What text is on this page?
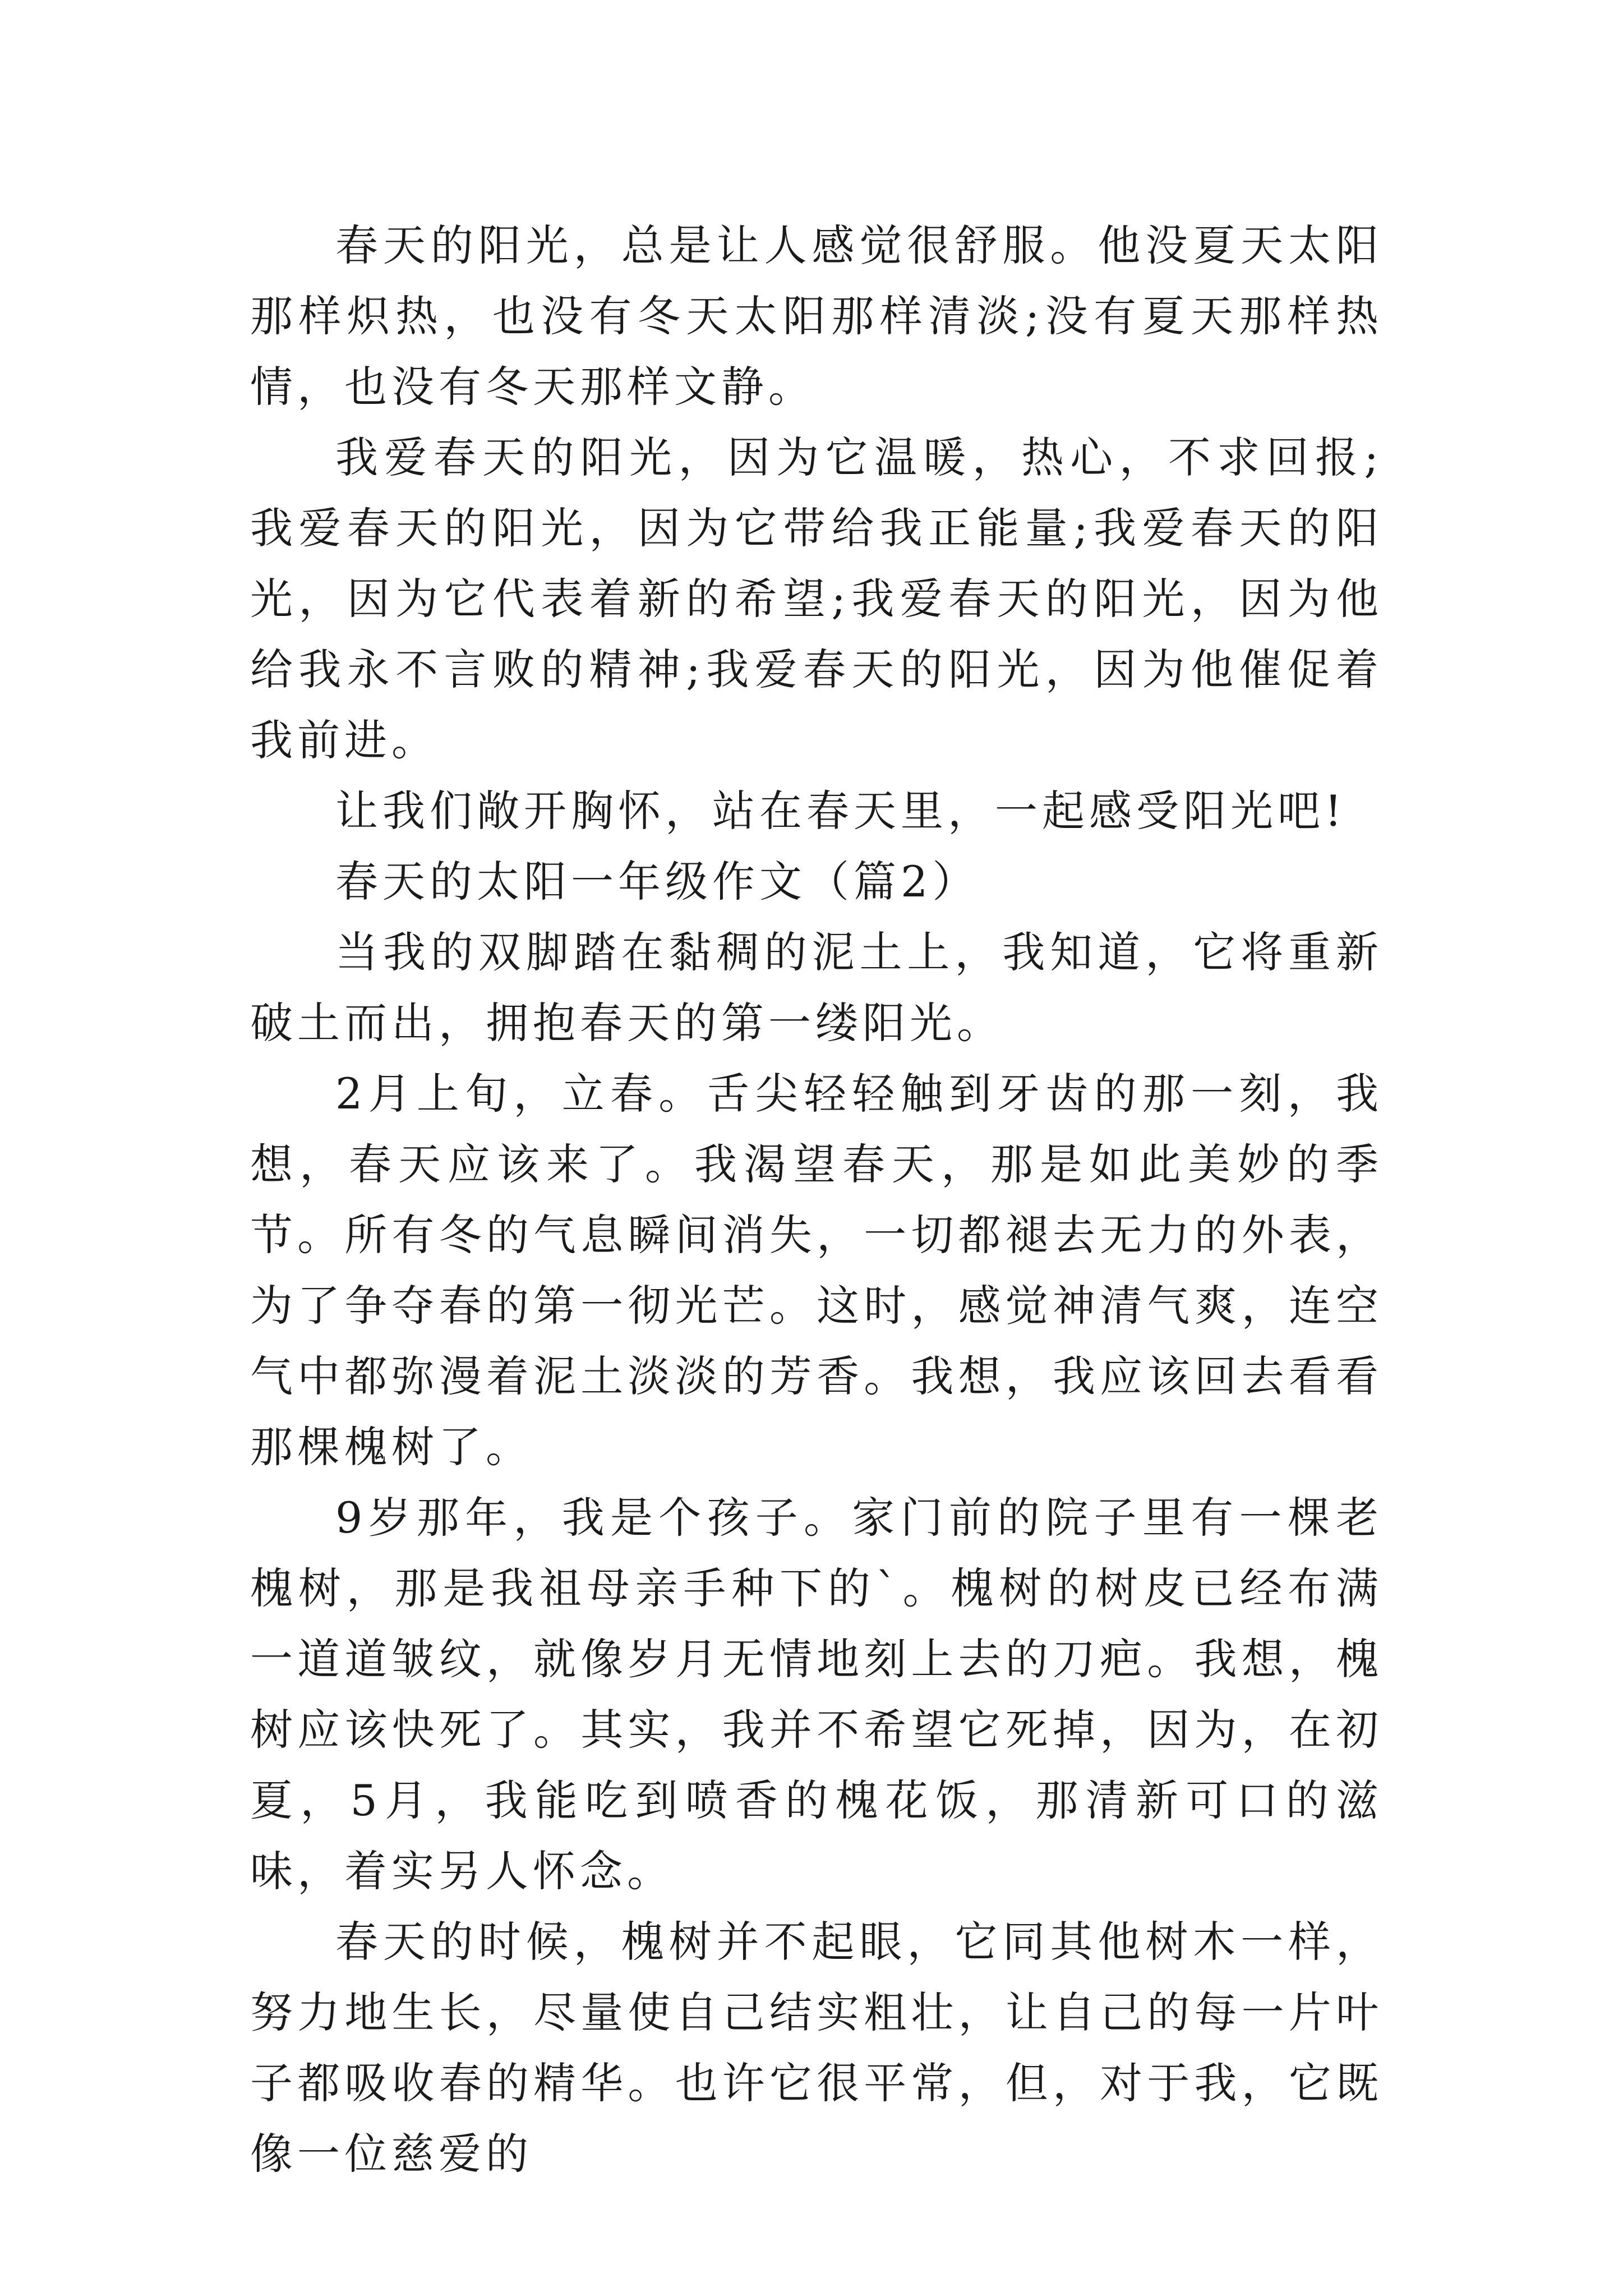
春天的阳光，总是让人感觉很舒服。他没夏天太阳那样炽热，也没有冬天太阳那样清淡;没有夏天那样热情，也没有冬天那样文静。

我爱春天的阳光，因为它温暖，热心，不求回报;我爱春天的阳光，因为它带给我正能量;我爱春天的阳光，因为它代表着新的希望;我爱春天的阳光，因为他给我永不言败的精神;我爱春天的阳光，因为他催促着我前进。

让我们敞开胸怀，站在春天里，一起感受阳光吧!

春天的太阳一年级作文（篇2）

当我的双脚踏在黏稠的泥土上，我知道，它将重新破土而出，拥抱春天的第一缕阳光。

2月上旬，立春。舌尖轻轻触到牙齿的那一刻，我想，春天应该来了。我渴望春天，那是如此美妙的季节。所有冬的气息瞬间消失，一切都褪去无力的外表，为了争夺春的第一彻光芒。这时，感觉神清气爽，连空气中都弥漫着泥土淡淡的芳香。我想，我应该回去看看那棵槐树了。

9岁那年，我是个孩子。家门前的院子里有一棵老槐树，那是我祖母亲手种下的`。槐树的树皮已经布满一道道皱纹，就像岁月无情地刻上去的刀疤。我想，槐树应该快死了。其实，我并不希望它死掉，因为，在初夏，5月，我能吃到喷香的槐花饭，那清新可口的滋味，着实另人怀念。

春天的时候，槐树并不起眼，它同其他树木一样，努力地生长，尽量使自己结实粗壮，让自己的每一片叶子都吸收春的精华。也许它很平常，但，对于我，它既像一位慈爱的
